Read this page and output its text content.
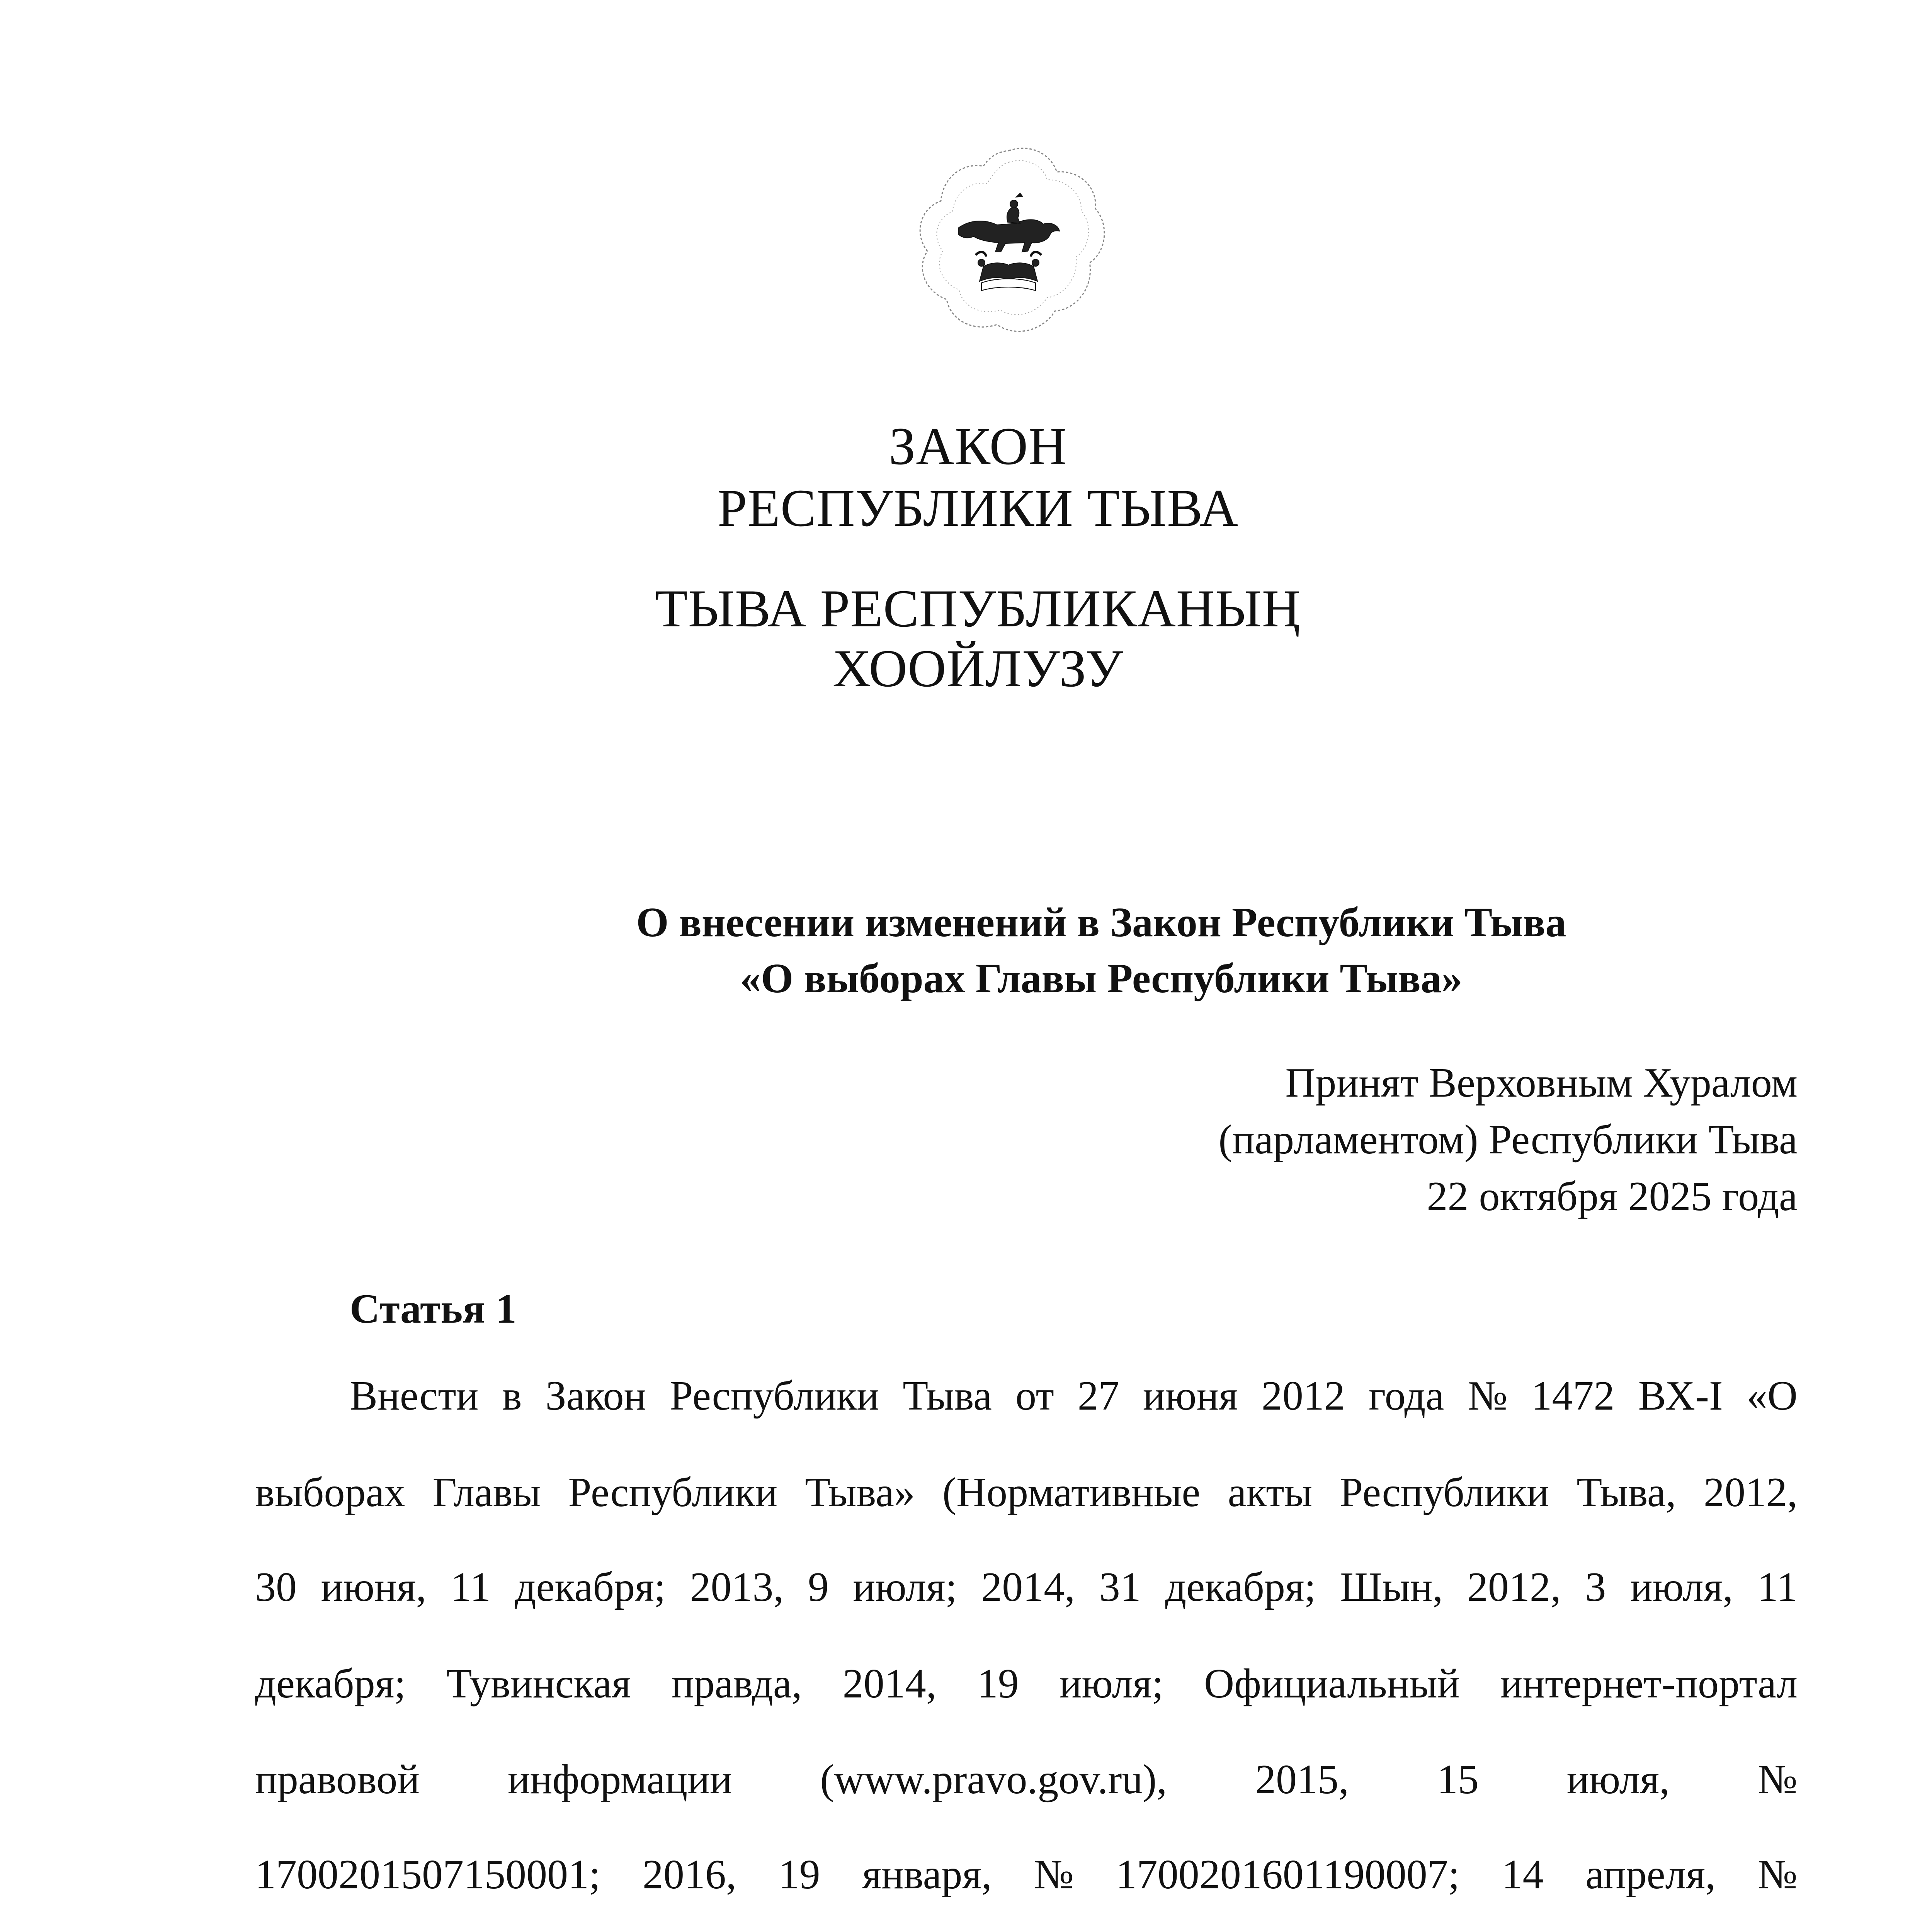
ЗАКОН
РЕСПУБЛИКИ ТЫВА
ТЫВА РЕСПУБЛИКАНЫҢ
ХООЙЛУЗУ
О внесении изменений в Закон Республики Тыва
«О выборах Главы Республики Тыва»
Принят Верховным Хуралом
(парламентом) Республики Тыва
22 октября 2025 года
Статья 1
Внести в Закон Республики Тыва от 27 июня 2012 года № 1472 ВХ-I «О
выборах Главы Республики Тыва» (Нормативные акты Республики Тыва, 2012,
30 июня, 11 декабря; 2013, 9 июля; 2014, 31 декабря; Шын, 2012, 3 июля, 11
декабря; Тувинская правда, 2014, 19 июля; Официальный интернет-портал
правовой информации (www.pravo.gov.ru), 2015, 15 июля, №
1700201507150001; 2016, 19 января, № 1700201601190007; 14 апреля, №
